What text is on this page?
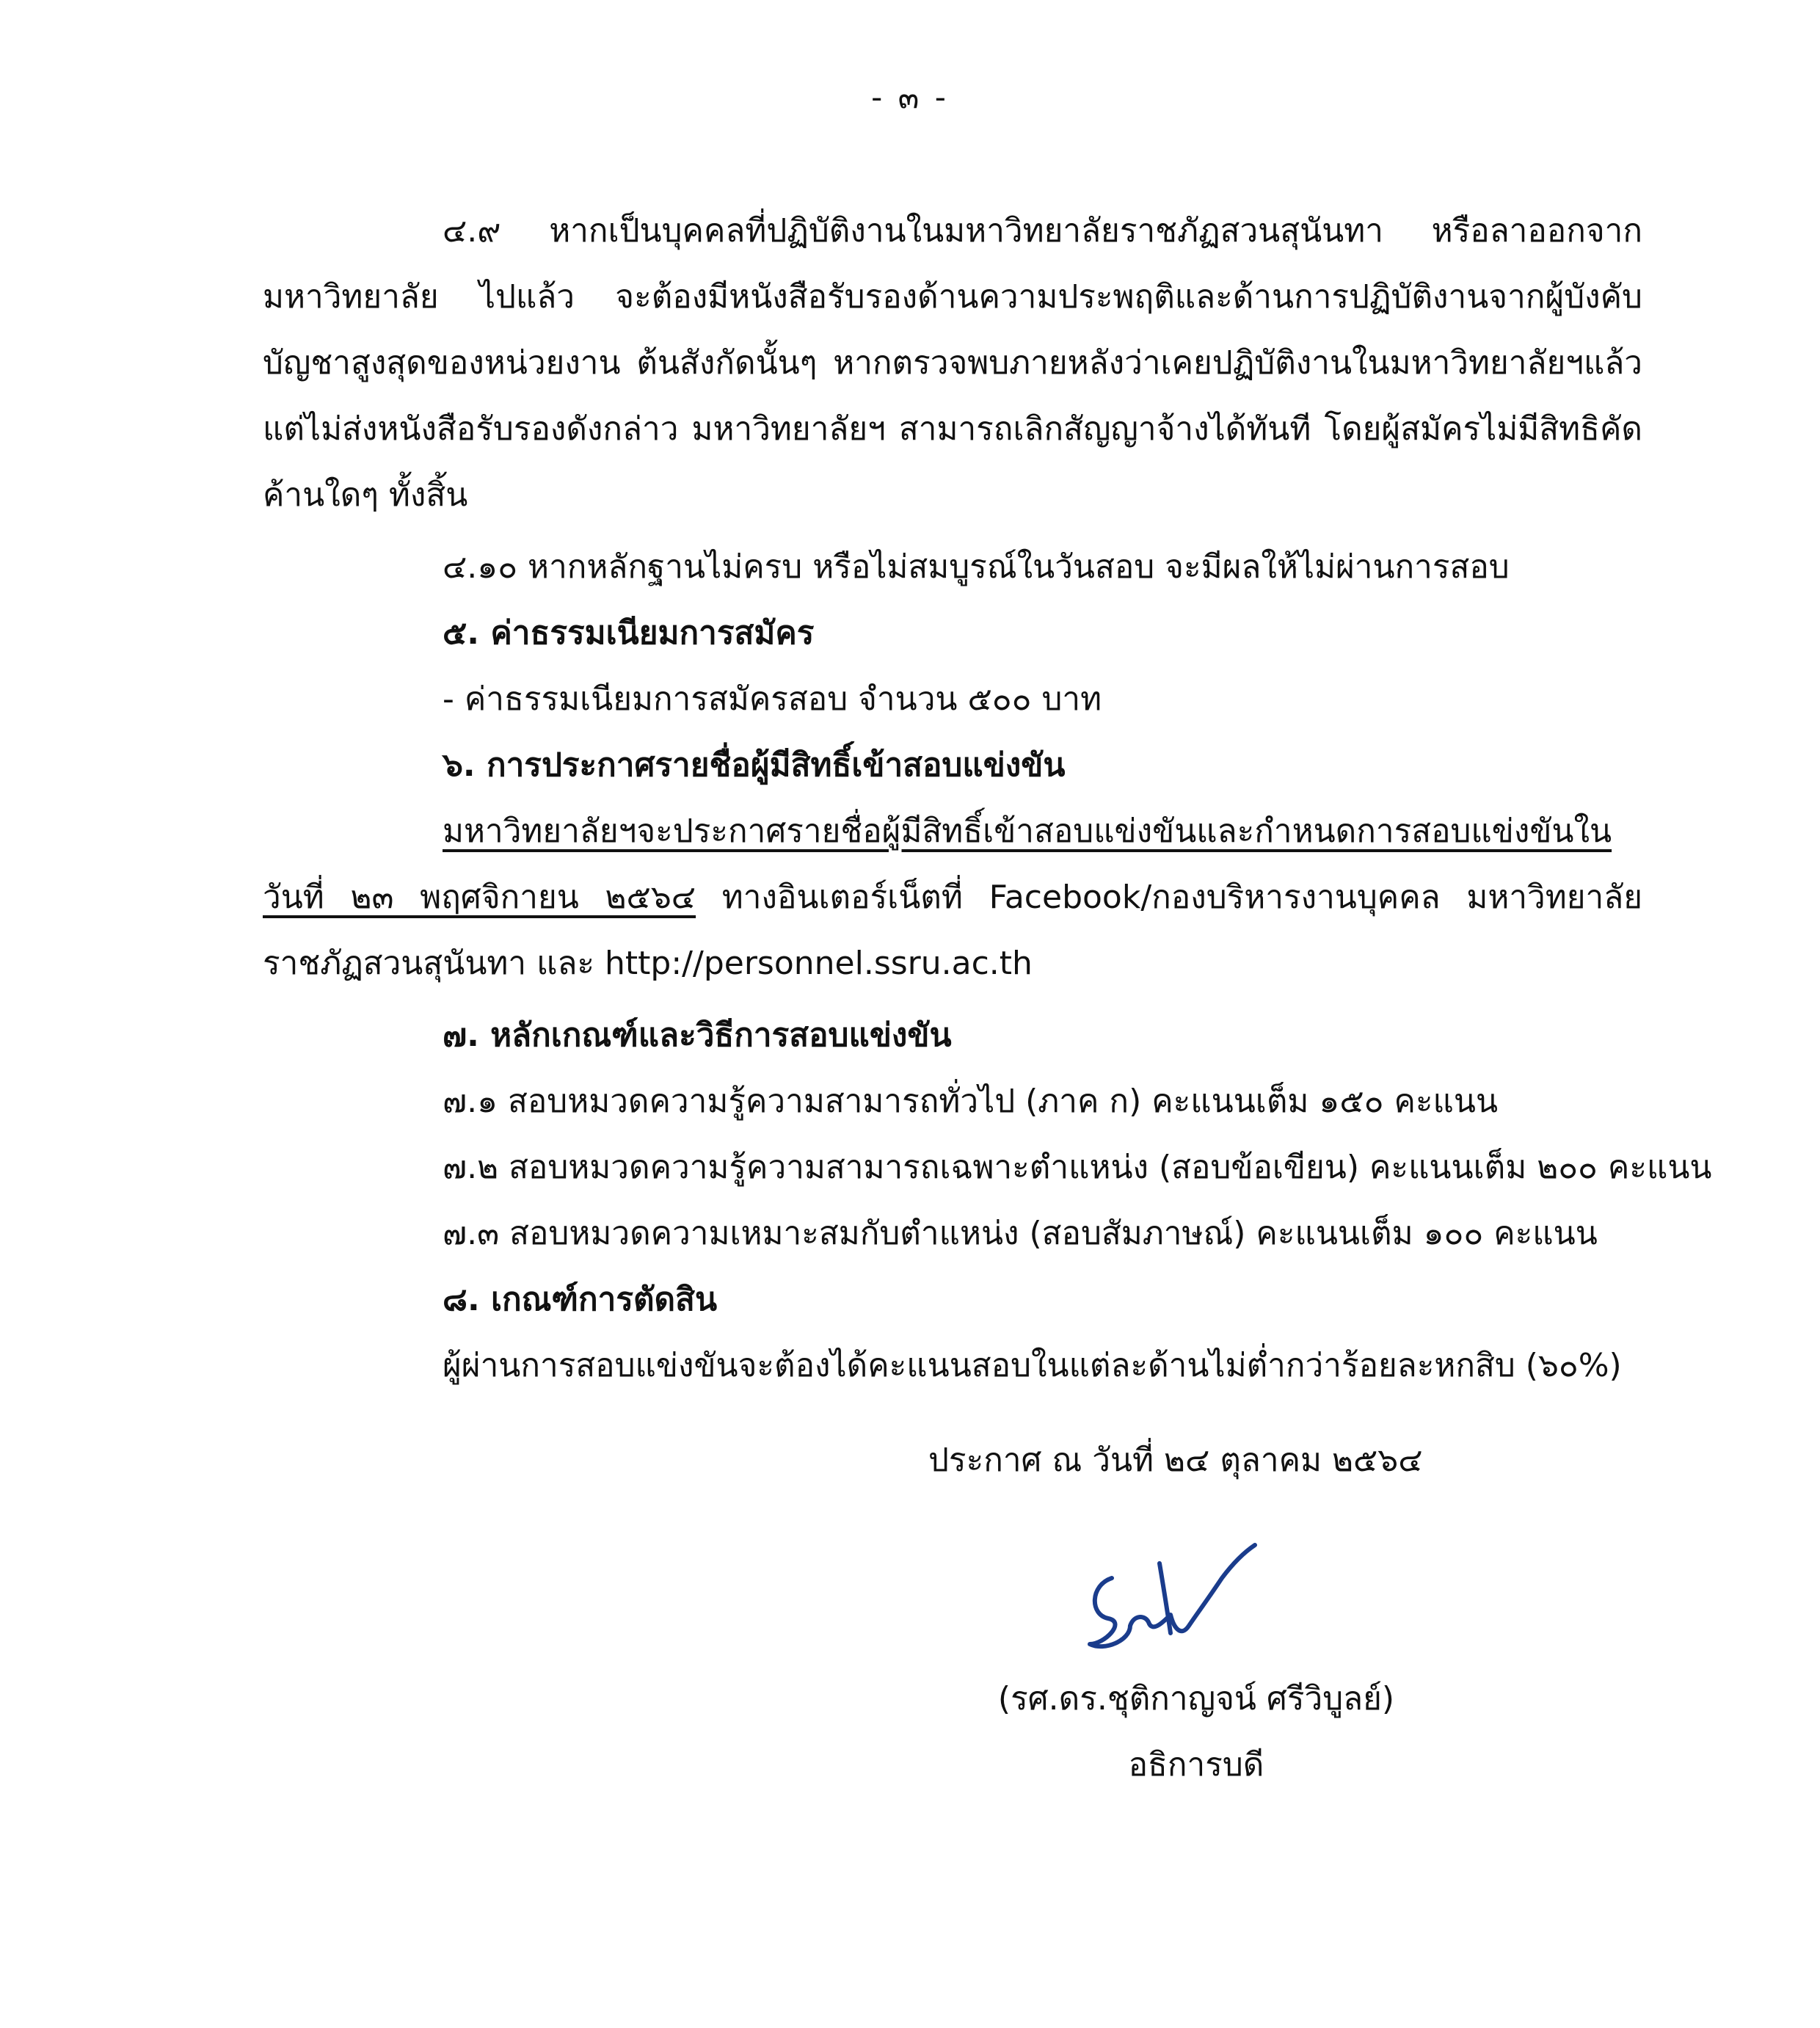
- ๓ -

๔.๙ หากเป็นบุคคลที่ปฏิบัติงานในมหาวิทยาลัยราชภัฏสวนสุนันทา หรือลาออกจากมหาวิทยาลัย ไปแล้ว จะต้องมีหนังสือรับรองด้านความประพฤติและด้านการปฏิบัติงานจากผู้บังคับบัญชาสูงสุดของหน่วยงาน ต้นสังกัดนั้นๆ หากตรวจพบภายหลังว่าเคยปฏิบัติงานในมหาวิทยาลัยฯแล้ว แต่ไม่ส่งหนังสือรับรองดังกล่าว มหาวิทยาลัยฯ สามารถเลิกสัญญาจ้างได้ทันที โดยผู้สมัครไม่มีสิทธิคัดค้านใดๆ ทั้งสิ้น

๔.๑๐ หากหลักฐานไม่ครบ หรือไม่สมบูรณ์ในวันสอบ จะมีผลให้ไม่ผ่านการสอบ

๕. ค่าธรรมเนียมการสมัคร

- ค่าธรรมเนียมการสมัครสอบ จำนวน ๕๐๐ บาท

๖. การประกาศรายชื่อผู้มีสิทธิ์เข้าสอบแข่งขัน

มหาวิทยาลัยฯจะประกาศรายชื่อผู้มีสิทธิ์เข้าสอบแข่งขันและกำหนดการสอบแข่งขันในวันที่ ๒๓ พฤศจิกายน ๒๕๖๔ ทางอินเตอร์เน็ตที่ Facebook/กองบริหารงานบุคคล มหาวิทยาลัยราชภัฏสวนสุนันทา และ http://personnel.ssru.ac.th

๗. หลักเกณฑ์และวิธีการสอบแข่งขัน

๗.๑ สอบหมวดความรู้ความสามารถทั่วไป (ภาค ก) คะแนนเต็ม ๑๕๐ คะแนน

๗.๒ สอบหมวดความรู้ความสามารถเฉพาะตำแหน่ง (สอบข้อเขียน) คะแนนเต็ม ๒๐๐ คะแนน

๗.๓ สอบหมวดความเหมาะสมกับตำแหน่ง (สอบสัมภาษณ์) คะแนนเต็ม ๑๐๐ คะแนน

๘. เกณฑ์การตัดสิน

ผู้ผ่านการสอบแข่งขันจะต้องได้คะแนนสอบในแต่ละด้านไม่ต่ำกว่าร้อยละหกสิบ (๖๐%)

ประกาศ ณ วันที่ ๒๔ ตุลาคม ๒๕๖๔
(รศ.ดร.ชุติกาญจน์ ศรีวิบูลย์)
อธิการบดี
